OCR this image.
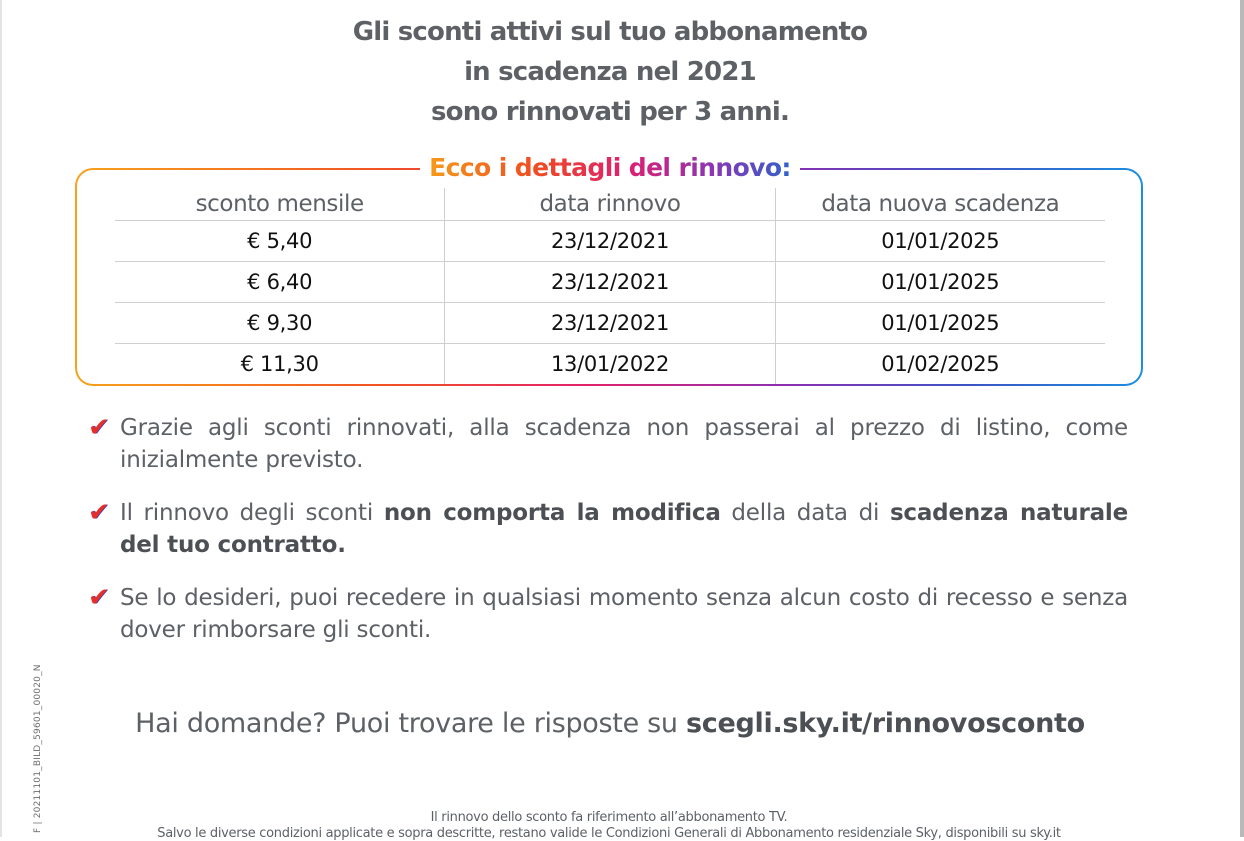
F | 20211101_BILD_59601_00020_N
Gli sconti attivi sul tuo abbonamento
in scadenza nel 2021
sono rinnovati per 3 anni.
Ecco i dettagli del rinnovo:
sconto mensile	data rinnovo	data nuova scadenza
€ 5,40	23/12/2021	01/01/2025
€ 6,40	23/12/2021	01/01/2025
€ 9,30	23/12/2021	01/01/2025
€ 11,30	13/01/2022	01/02/2025
✔ Grazie agli sconti rinnovati, alla scadenza non passerai al prezzo di listino, come inizialmente previsto.
✔ Il rinnovo degli sconti non comporta la modifica della data di scadenza naturale del tuo contratto.
✔ Se lo desideri, puoi recedere in qualsiasi momento senza alcun costo di recesso e senza dover rimborsare gli sconti.
Hai domande? Puoi trovare le risposte su scegli.sky.it/rinnovosconto
Il rinnovo dello sconto fa riferimento all’abbonamento TV.
Salvo le diverse condizioni applicate e sopra descritte, restano valide le Condizioni Generali di Abbonamento residenziale Sky, disponibili su sky.it
